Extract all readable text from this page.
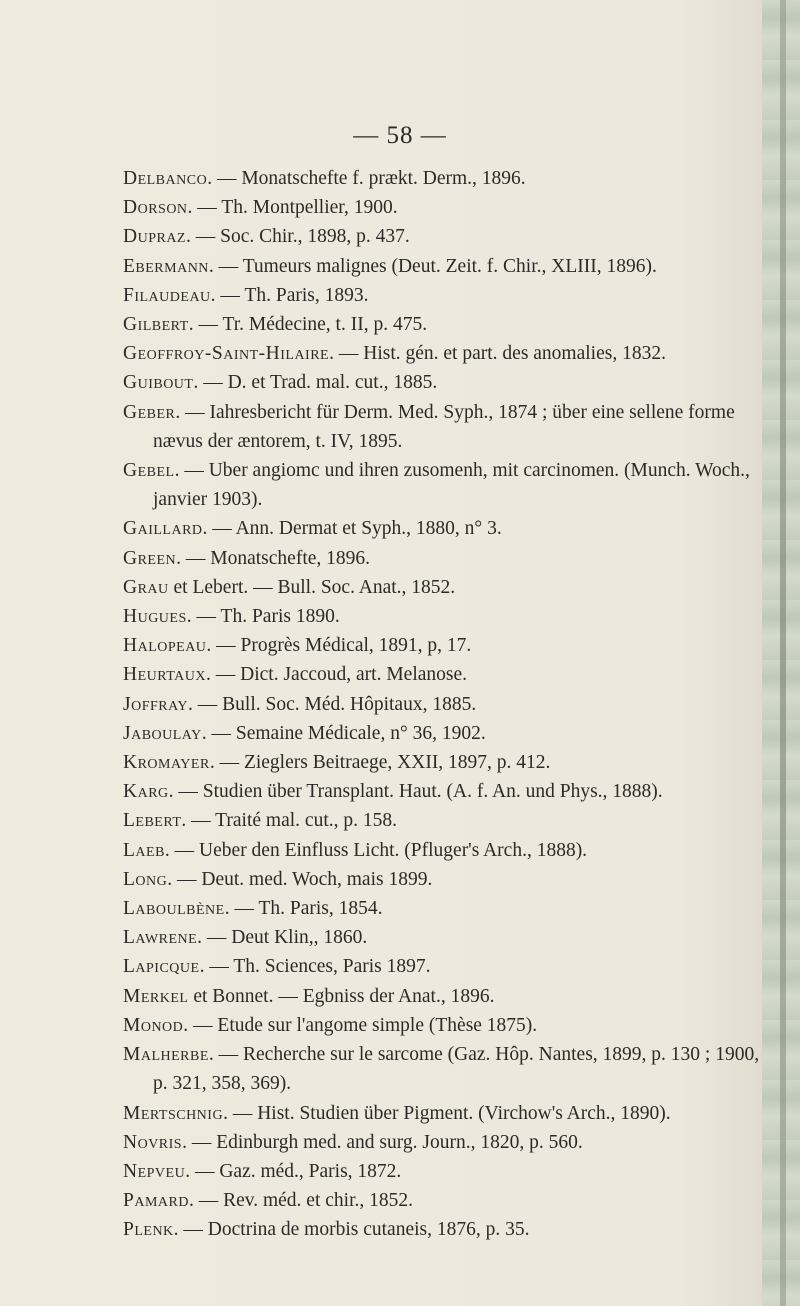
— 58 —
Delbanco. — Monatschefte f. prækt. Derm., 1896.
Dorson. — Th. Montpellier, 1900.
Dupraz. — Soc. Chir., 1898, p. 437.
Ebermann. — Tumeurs malignes (Deut. Zeit. f. Chir., XLIII, 1896).
Filaudeau. — Th. Paris, 1893.
Gilbert. — Tr. Médecine, t. II, p. 475.
Geoffroy-Saint-Hilaire. — Hist. gén. et part. des anomalies, 1832.
Guibout. — D. et Trad. mal. cut., 1885.
Geber. — Iahresbericht für Derm. Med. Syph., 1874 ; über eine sellene forme nævus der æntorem, t. IV, 1895.
Gebel. — Uber angiomc und ihren zusomenh, mit carcinomen. (Munch. Woch., janvier 1903).
Gaillard. — Ann. Dermat et Syph., 1880, n° 3.
Green. — Monatschefte, 1896.
Grau et Lebert. — Bull. Soc. Anat., 1852.
Hugues. — Th. Paris 1890.
Halopeau. — Progrès Médical, 1891, p, 17.
Heurtaux. — Dict. Jaccoud, art. Melanose.
Joffray. — Bull. Soc. Méd. Hôpitaux, 1885.
Jaboulay. — Semaine Médicale, n° 36, 1902.
Kromayer. — Zieglers Beitraege, XXII, 1897, p. 412.
Karg. — Studien über Transplant. Haut. (A. f. An. und Phys., 1888).
Lebert. — Traité mal. cut., p. 158.
Laeb. — Ueber den Einfluss Licht. (Pfluger's Arch., 1888).
Long. — Deut. med. Woch, mais 1899.
Laboulbène. — Th. Paris, 1854.
Lawrene. — Deut Klin,, 1860.
Lapicque. — Th. Sciences, Paris 1897.
Merkel et Bonnet. — Egbniss der Anat., 1896.
Monod. — Etude sur l'angome simple (Thèse 1875).
Malherbe. — Recherche sur le sarcome (Gaz. Hôp. Nantes, 1899, p. 130 ; 1900, p. 321, 358, 369).
Mertschnig. — Hist. Studien über Pigment. (Virchow's Arch., 1890).
Novris. — Edinburgh med. and surg. Journ., 1820, p. 560.
Nepveu. — Gaz. méd., Paris, 1872.
Pamard. — Rev. méd. et chir., 1852.
Plenk. — Doctrina de morbis cutaneis, 1876, p. 35.
